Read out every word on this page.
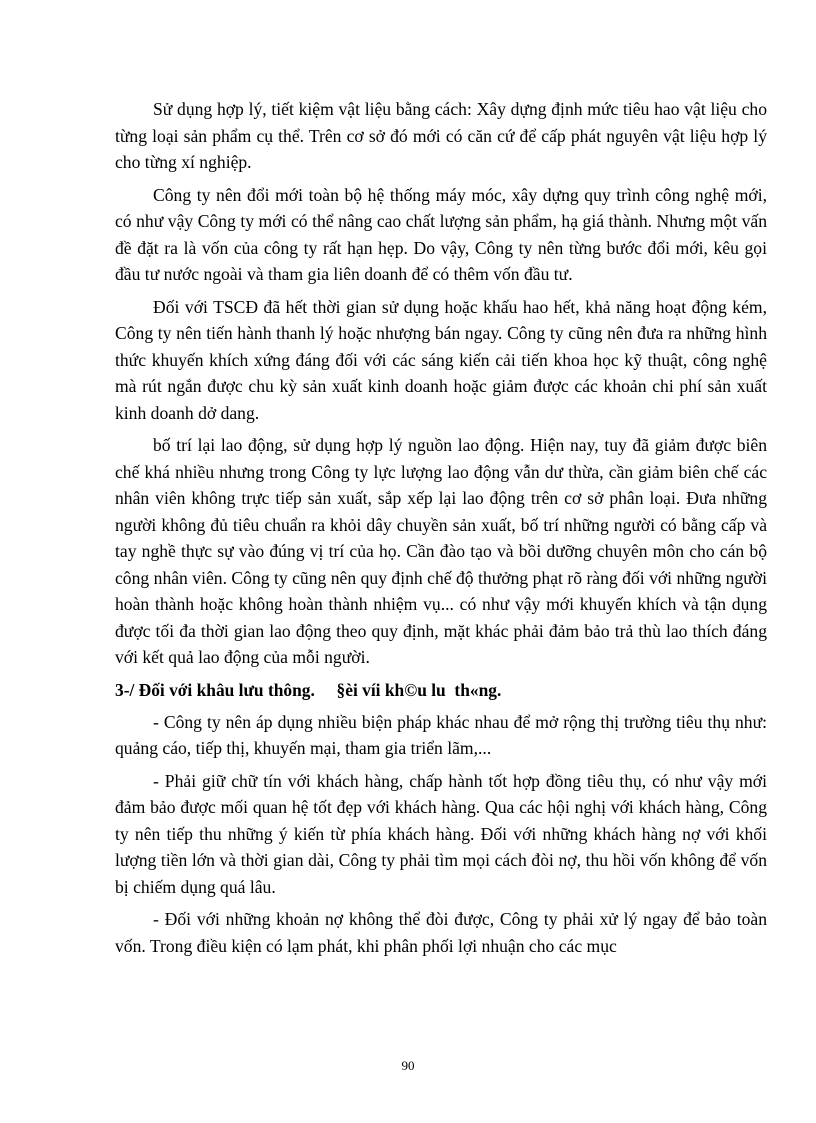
Sử dụng hợp lý, tiết kiệm vật liệu bằng cách: Xây dựng định mức tiêu hao vật liệu cho từng loại sản phẩm cụ thể. Trên cơ sở đó mới có căn cứ để cấp phát nguyên vật liệu hợp lý cho từng xí nghiệp.

Công ty nên đổi mới toàn bộ hệ thống máy móc, xây dựng quy trình công nghệ mới, có như vậy Công ty mới có thể nâng cao chất lượng sản phẩm, hạ giá thành. Nhưng một vấn đề đặt ra là vốn của công ty rất hạn hẹp. Do vậy, Công ty nên từng bước đổi mới, kêu gọi đầu tư nước ngoài và tham gia liên doanh để có thêm vốn đầu tư.

Đối với TSCĐ đã hết thời gian sử dụng hoặc khấu hao hết, khả năng hoạt động kém, Công ty nên tiến hành thanh lý hoặc nhượng bán ngay. Công ty cũng nên đưa ra những hình thức khuyến khích xứng đáng đối với các sáng kiến cải tiến khoa học kỹ thuật, công nghệ mà rút ngắn được chu kỳ sản xuất kinh doanh hoặc giảm được các khoản chi phí sản xuất kinh doanh dở dang.

bố trí lại lao động, sử dụng hợp lý nguồn lao động. Hiện nay, tuy đã giảm được biên chế khá nhiều nhưng trong Công ty lực lượng lao động vẫn dư thừa, cần giảm biên chế các nhân viên không trực tiếp sản xuất, sắp xếp lại lao động trên cơ sở phân loại. Đưa những người không đủ tiêu chuẩn ra khỏi dây chuyền sản xuất, bố trí những người có bằng cấp và tay nghề thực sự vào đúng vị trí của họ. Cần đào tạo và bồi dưỡng chuyên môn cho cán bộ công nhân viên. Công ty cũng nên quy định chế độ thưởng phạt rõ ràng đối với những người hoàn thành hoặc không hoàn thành nhiệm vụ... có như vậy mới khuyến khích và tận dụng được tối đa thời gian lao động theo quy định, mặt khác phải đảm bảo trả thù lao thích đáng với kết quả lao động của mỗi người.

3-/ Đối với khâu lưu thông.     §èi víi kh©u lu  th«ng.

- Công ty nên áp dụng nhiều biện pháp khác nhau để mở rộng thị trường tiêu thụ như: quảng cáo, tiếp thị, khuyến mại, tham gia triển lãm,...

- Phải giữ chữ tín với khách hàng, chấp hành tốt hợp đồng tiêu thụ, có như vậy mới đảm bảo được mối quan hệ tốt đẹp với khách hàng. Qua các hội nghị với khách hàng, Công ty nên tiếp thu những ý kiến từ phía khách hàng. Đối với những khách hàng nợ với khối lượng tiền lớn và thời gian dài, Công ty phải tìm mọi cách đòi nợ, thu hồi vốn không để vốn bị chiếm dụng quá lâu.

- Đối với những khoản nợ không thể đòi được, Công ty phải xử lý ngay để bảo toàn vốn. Trong điều kiện có lạm phát, khi phân phối lợi nhuận cho các mục

90
